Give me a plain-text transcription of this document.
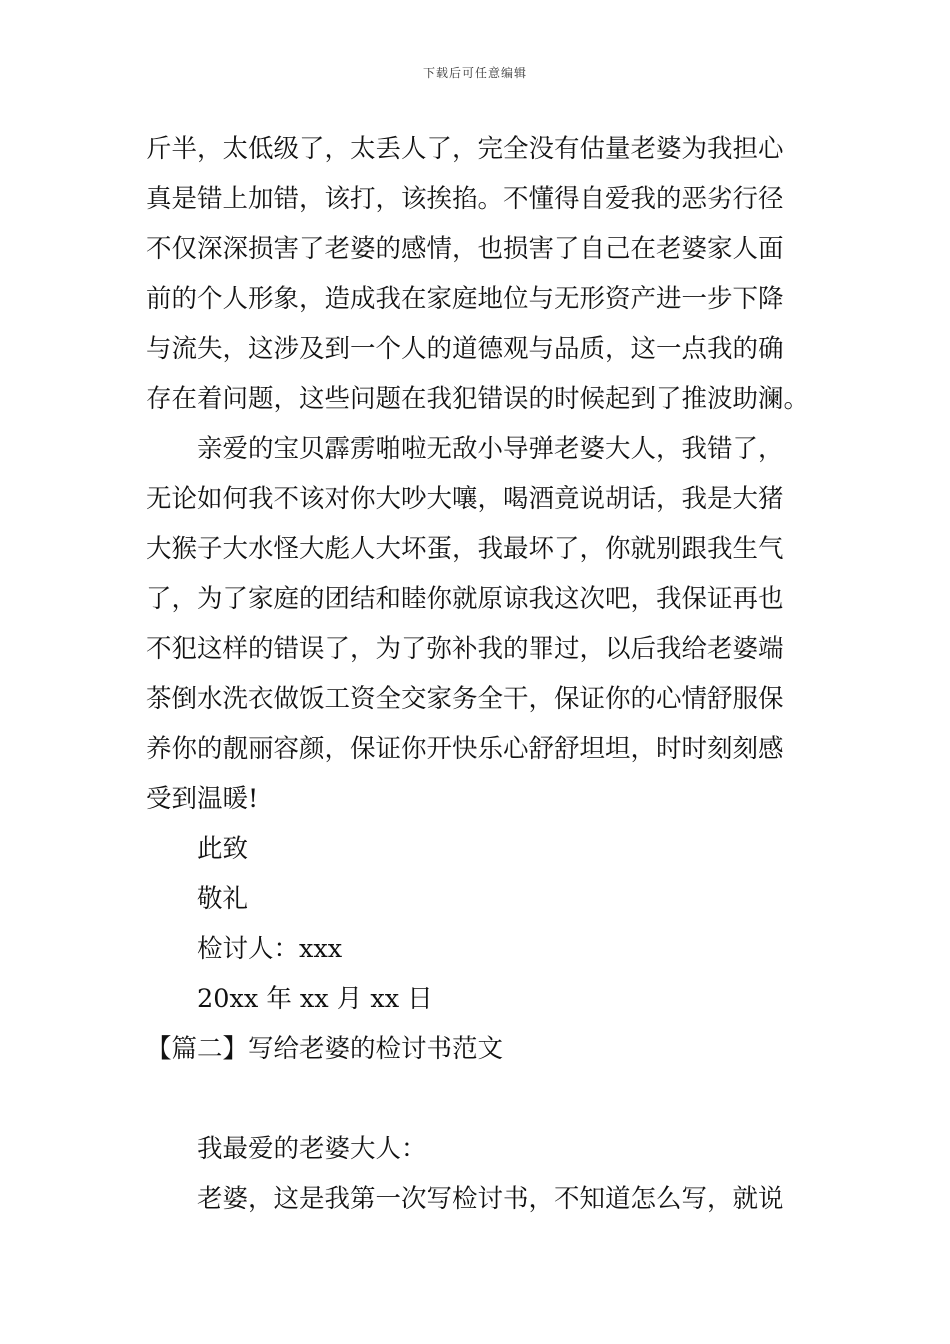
下载后可任意编辑
斤半，太低级了，太丢人了，完全没有估量老婆为我担心
真是错上加错，该打，该挨掐。不懂得自爱我的恶劣行径
不仅深深损害了老婆的感情，也损害了自己在老婆家人面
前的个人形象，造成我在家庭地位与无形资产进一步下降
与流失，这涉及到一个人的道德观与品质，这一点我的确
存在着问题，这些问题在我犯错误的时候起到了推波助澜。
亲爱的宝贝霹雳啪啦无敌小导弹老婆大人，我错了，
无论如何我不该对你大吵大嚷，喝酒竟说胡话，我是大猪
大猴子大水怪大彪人大坏蛋，我最坏了，你就别跟我生气
了，为了家庭的团结和睦你就原谅我这次吧，我保证再也
不犯这样的错误了，为了弥补我的罪过，以后我给老婆端
茶倒水洗衣做饭工资全交家务全干，保证你的心情舒服保
养你的靓丽容颜，保证你开快乐心舒舒坦坦，时时刻刻感
受到温暖!
此致
敬礼
检讨人：xxx
20xx 年 xx 月 xx 日
【篇二】写给老婆的检讨书范文
我最爱的老婆大人：
老婆，这是我第一次写检讨书，不知道怎么写，就说
